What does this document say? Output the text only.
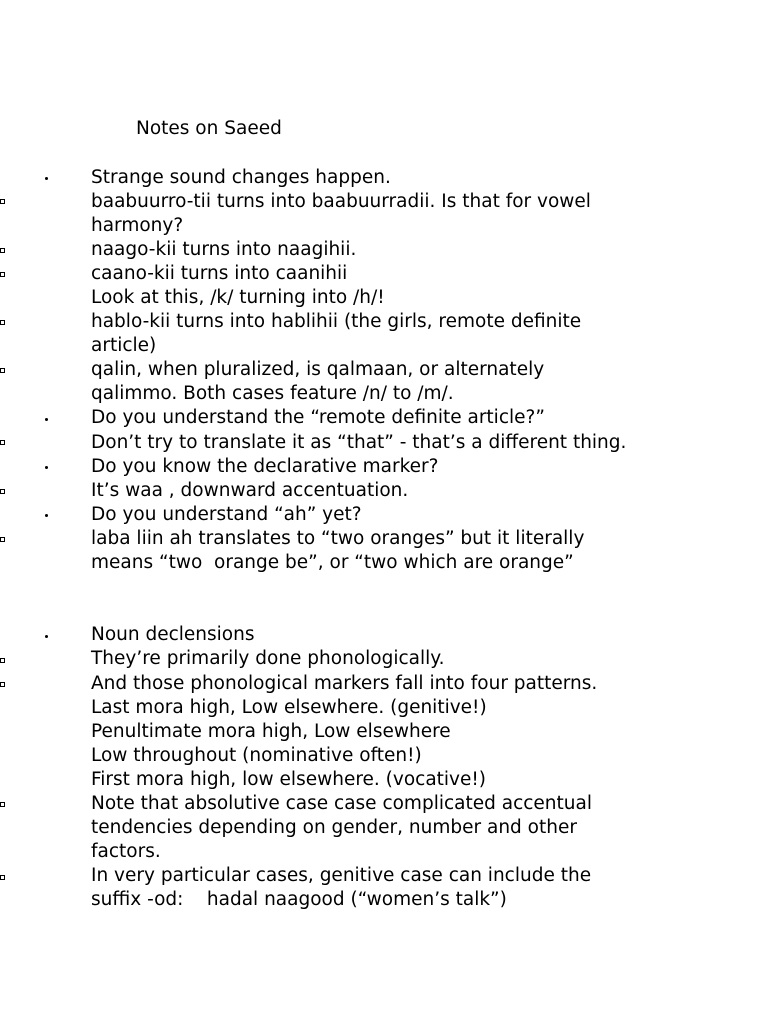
Notes on Saeed
Strange sound changes happen.
baabuurro-tii turns into baabuurradii. Is that for vowel
harmony?
naago-kii turns into naagihii.
caano-kii turns into caanihii
Look at this, /k/ turning into /h/!
hablo-kii turns into hablihii (the girls, remote definite
article)
qalin, when pluralized, is qalmaan, or alternately
qalimmo. Both cases feature /n/ to /m/.
Do you understand the “remote definite article?”
Don’t try to translate it as “that” - that’s a different thing.
Do you know the declarative marker?
It’s waa , downward accentuation.
Do you understand “ah” yet?
laba liin ah translates to “two oranges” but it literally
means “two  orange be”, or “two which are orange”
Noun declensions
They’re primarily done phonologically.
And those phonological markers fall into four patterns.
Last mora high, Low elsewhere. (genitive!)
Penultimate mora high, Low elsewhere
Low throughout (nominative often!)
First mora high, low elsewhere. (vocative!)
Note that absolutive case case complicated accentual
tendencies depending on gender, number and other
factors.
In very particular cases, genitive case can include the
suffix -od:    hadal naagood (“women’s talk”)
